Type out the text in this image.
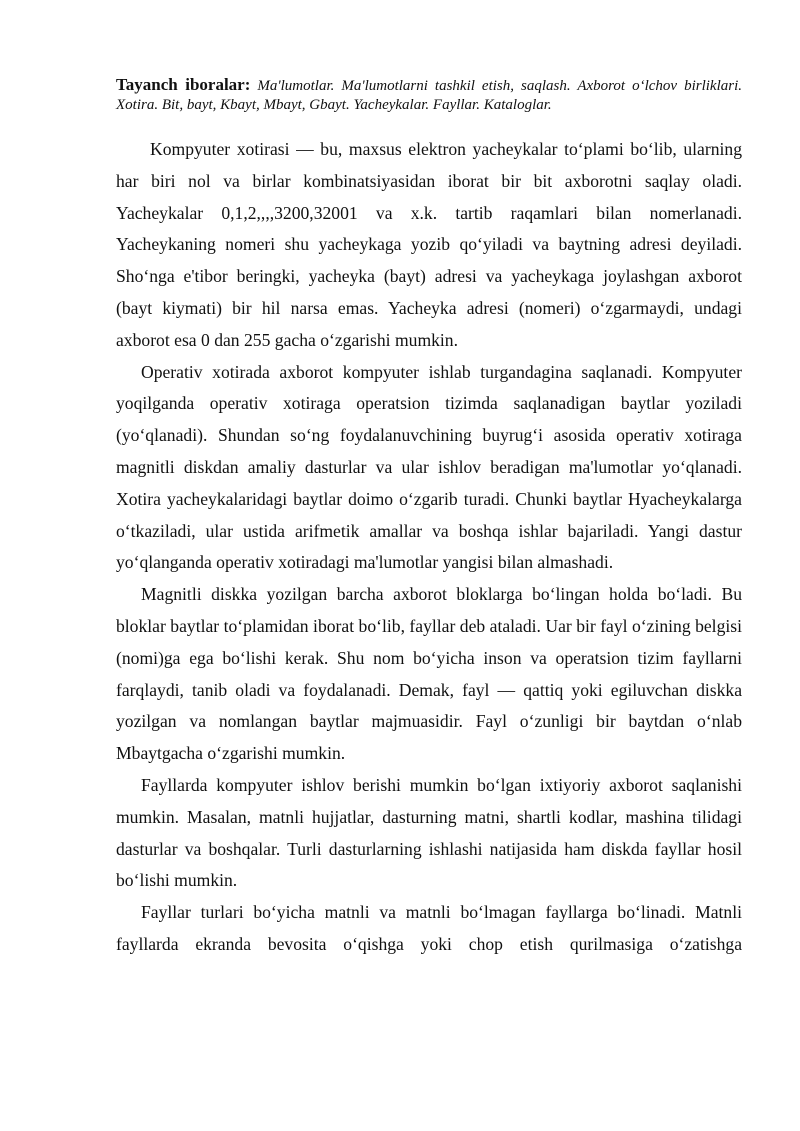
Tayanch iboralar: Ma'lumotlar. Ma'lumotlarni tashkil etish, saqlash. Axborot o‘lchov birliklari. Xotira. Bit, bayt, Kbayt, Mbayt, Gbayt. Yacheykalar. Fayllar. Kataloglar.

Kompyuter xotirasi — bu, maxsus elektron yacheykalar to‘plami bo‘lib, ularning har biri nol va birlar kombinatsiyasidan iborat bir bit axborotni saqlay oladi. Yacheykalar 0,1,2,,,,3200,32001 va x.k. tartib raqamlari bilan nomerlanadi. Yacheykaning nomeri shu yacheykaga yozib qo‘yiladi va baytning adresi deyiladi. Sho‘nga e'tibor beringki, yacheyka (bayt) adresi va yacheykaga joylashgan axborot (bayt kiymati) bir hil narsa emas. Yacheyka adresi (nomeri) o‘zgarmaydi, undagi axborot esa 0 dan 255 gacha o‘zgarishi mumkin.

Operativ xotirada axborot kompyuter ishlab turgandagina saqlanadi. Kompyuter yoqilganda operativ xotiraga operatsion tizimda saqlanadigan baytlar yoziladi (yo‘qlanadi). Shundan so‘ng foydalanuvchining buyrug‘i asosida operativ xotiraga magnitli diskdan amaliy dasturlar va ular ishlov beradigan ma'lumotlar yo‘qlanadi. Xotira yacheykalaridagi baytlar doimo o‘zgarib turadi. Chunki baytlar Hyacheykalarga o‘tkaziladi, ular ustida arifmetik amallar va boshqa ishlar bajariladi. Yangi dastur yo‘qlanganda operativ xotiradagi ma'lumotlar yangisi bilan almashadi.

Magnitli diskka yozilgan barcha axborot bloklarga bo‘lingan holda bo‘ladi. Bu bloklar baytlar to‘plamidan iborat bo‘lib, fayllar deb ataladi. Uar bir fayl o‘zining belgisi (nomi)ga ega bo‘lishi kerak. Shu nom bo‘yicha inson va operatsion tizim fayllarni farqlaydi, tanib oladi va foydalanadi. Demak, fayl — qattiq yoki egiluvchan diskka yozilgan va nomlangan baytlar majmuasidir. Fayl o‘zunligi bir baytdan o‘nlab Mbaytgacha o‘zgarishi mumkin.

Fayllarda kompyuter ishlov berishi mumkin bo‘lgan ixtiyoriy axborot saqlanishi mumkin. Masalan, matnli hujjatlar, dasturning matni, shartli kodlar, mashina tilidagi dasturlar va boshqalar. Turli dasturlarning ishlashi natijasida ham diskda fayllar hosil bo‘lishi mumkin.

Fayllar turlari bo‘yicha matnli va matnli bo‘lmagan fayllarga bo‘linadi. Matnli fayllarda ekranda bevosita o‘qishga yoki chop etish qurilmasiga o‘zatishga
